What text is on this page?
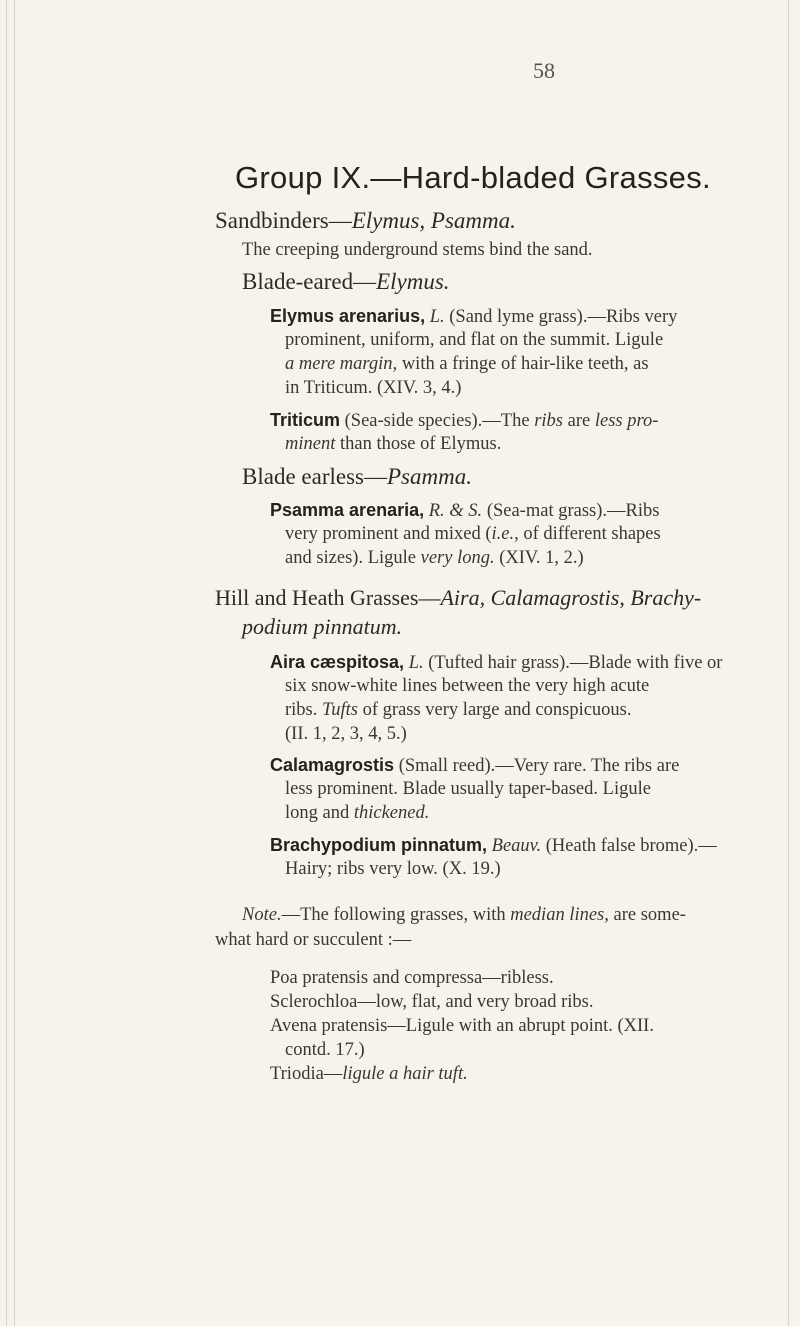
58
Group IX.—Hard-bladed Grasses.
Sandbinders—Elymus, Psamma.
The creeping underground stems bind the sand.
Blade-eared—Elymus.
Elymus arenarius, L. (Sand lyme grass).—Ribs very
prominent, uniform, and flat on the summit. Ligule
a mere margin, with a fringe of hair-like teeth, as
in Triticum. (XIV. 3, 4.)
Triticum (Sea-side species).—The ribs are less pro-
minent than those of Elymus.
Blade earless—Psamma.
Psamma arenaria, R. & S. (Sea-mat grass).—Ribs
very prominent and mixed (i.e., of different shapes
and sizes). Ligule very long. (XIV. 1, 2.)
Hill and Heath Grasses—Aira, Calamagrostis, Brachy-
podium pinnatum.
Aira cæspitosa, L. (Tufted hair grass).—Blade with five or
six snow-white lines between the very high acute
ribs. Tufts of grass very large and conspicuous.
(II. 1, 2, 3, 4, 5.)
Calamagrostis (Small reed).—Very rare. The ribs are
less prominent. Blade usually taper-based. Ligule
long and thickened.
Brachypodium pinnatum, Beauv. (Heath false brome).—
Hairy; ribs very low. (X. 19.)
Note.—The following grasses, with median lines, are some-
what hard or succulent :—
Poa pratensis and compressa—ribless.
Sclerochloa—low, flat, and very broad ribs.
Avena pratensis—Ligule with an abrupt point. (XII.
contd. 17.)
Triodia—ligule a hair tuft.
